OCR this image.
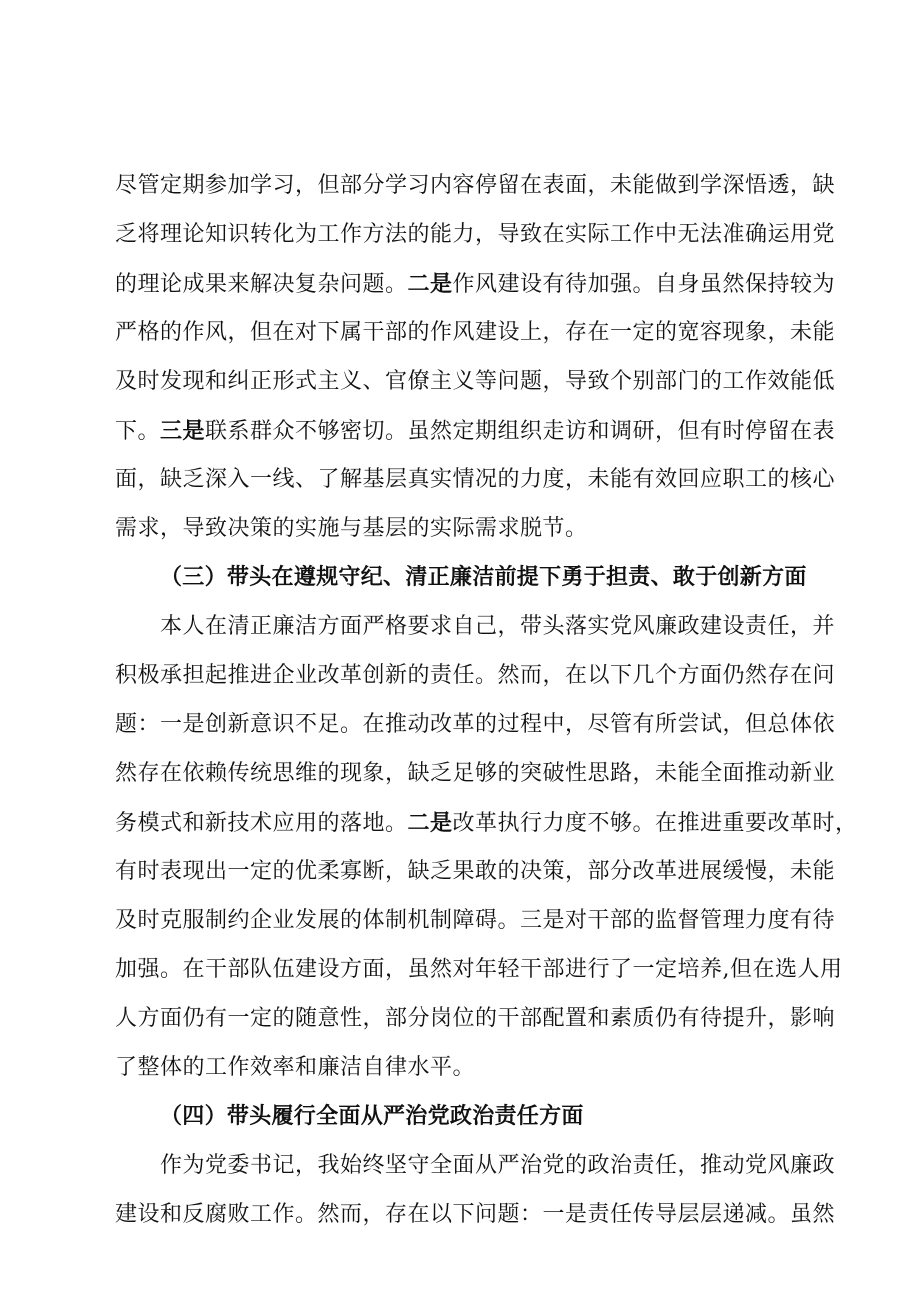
尽管定期参加学习，但部分学习内容停留在表面，未能做到学深悟透，缺
乏将理论知识转化为工作方法的能力，导致在实际工作中无法准确运用党
的理论成果来解决复杂问题。二是作风建设有待加强。自身虽然保持较为
严格的作风，但在对下属干部的作风建设上，存在一定的宽容现象，未能
及时发现和纠正形式主义、官僚主义等问题，导致个别部门的工作效能低
下。三是联系群众不够密切。虽然定期组织走访和调研，但有时停留在表
面，缺乏深入一线、了解基层真实情况的力度，未能有效回应职工的核心
需求，导致决策的实施与基层的实际需求脱节。
（三）带头在遵规守纪、清正廉洁前提下勇于担责、敢于创新方面
本人在清正廉洁方面严格要求自己，带头落实党风廉政建设责任，并
积极承担起推进企业改革创新的责任。然而，在以下几个方面仍然存在问
题：一是创新意识不足。在推动改革的过程中，尽管有所尝试，但总体依
然存在依赖传统思维的现象，缺乏足够的突破性思路，未能全面推动新业
务模式和新技术应用的落地。二是改革执行力度不够。在推进重要改革时，
有时表现出一定的优柔寡断，缺乏果敢的决策，部分改革进展缓慢，未能
及时克服制约企业发展的体制机制障碍。三是对干部的监督管理力度有待
加强。在干部队伍建设方面，虽然对年轻干部进行了一定培养,但在选人用
人方面仍有一定的随意性，部分岗位的干部配置和素质仍有待提升，影响
了整体的工作效率和廉洁自律水平。
（四）带头履行全面从严治党政治责任方面
作为党委书记，我始终坚守全面从严治党的政治责任，推动党风廉政
建设和反腐败工作。然而，存在以下问题：一是责任传导层层递减。虽然
